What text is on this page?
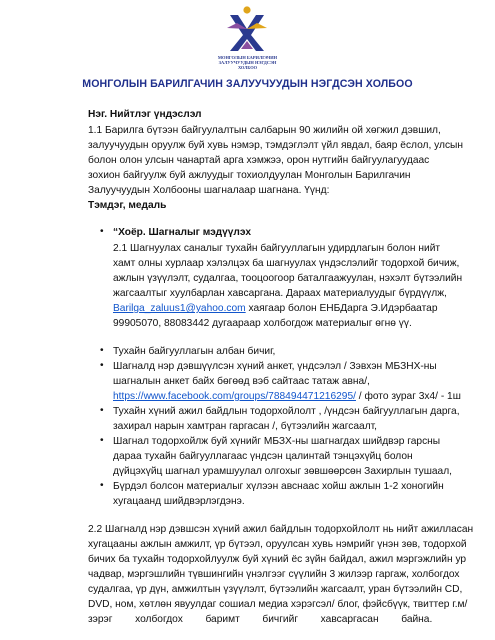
МОНГОЛЫН БАРИЛГАЧИН
ЗАЛУУЧУУДЫН НЭГДСЭН
ХОЛБОО
МОНГОЛЫН БАРИЛГАЧИН ЗАЛУУЧУУДЫН НЭГДСЭН ХОЛБОО
Нэг. Нийтлэг үндэслэл
1.1 Барилга бүтээн байгуулалтын салбарын 90 жилийн ой хөгжил дэвшил,
залуучуудын оруулж буй хувь нэмэр, тэмдэглэлт үйл явдал, баяр ёслол, улсын
болон олон улсын чанартай арга хэмжээ, орон нутгийн байгуулагуудаас
зохион байгуулж буй ажлуудыг тохиолдуулан Монголын Барилгачин
Залуучуудын Холбооны шагналаар шагнана. Үүнд:
Тэмдэг, медаль
• “Хоёр. Шагналыг мэдүүлэх
2.1 Шагнуулах саналыг тухайн байгууллагын удирдлагын болон нийт
хамт олны хурлаар хэлэлцэх ба шагнуулах үндэслэлийг тодорхой бичиж,
ажлын үзүүлэлт, судалгаа, тооцоогоор баталгаажуулан, нэхэлт бүтээлийн
жагсаалтыг хуулбарлан хавсаргана. Дараах материалуудыг бүрдүүлж,
Barilga_zaluus1@yahoo.com хаягаар болон ЕНБДарга Э.Идэрбаатар
99905070, 88083442 дугаараар холбогдож материалыг өгнө үү.
• Тухайн байгууллагын албан бичиг,
• Шагналд нэр дэвшүүлсэн хүний анкет, үндсэлэл / Зэвхэн МБЗНХ-ны
шагналын анкет байх бөгөөд вэб сайтаас татаж авна/,
https://www.facebook.com/groups/788494471216295/ / фото зураг 3x4/ - 1ш
• Тухайн хүний ажил байдлын тодорхойлолт , /үндсэн байгууллагын дарга,
захирал нарын хамтран гаргасан /, бүтээлийн жагсаалт,
• Шагнал тодорхойлж буй хүнийг МБЗХ-ны шагнагдах шийдвэр гарсны
дараа тухайн байгууллагаас үндсэн цалинтай тэнцэхүйц болон
дүйцэхүйц шагнал урамшуулал олгохыг зөвшөөрсөн Захирлын тушаал,
• Бүрдэл болсон материалыг хүлээн авснаас хойш ажлын 1-2 хоногийн
хугацаанд шийдвэрлэгдэнэ.
2.2 Шагналд нэр дэвшсэн хүний ажил байдлын тодорхойлолт нь нийт ажилласан
хугацааны ажлын амжилт, үр бүтээл, оруулсан хувь нэмрийг үнэн зөв, тодорхой
бичих ба тухайн тодорхойлуулж буй хүний ёс зүйн байдал, ажил мэргэжлийн ур
чадвар, мэргэшлийн түвшингийн үнэлгээг сүүлийн 3 жилээр гаргаж, холбогдох
судалгаа, үр дүн, амжилтын үзүүлэлт, бүтээлийн жагсаалт, уран бүтээлийн CD,
DVD, ном, хөтлөн явуулдаг сошиал медиа хэрэгсэл/ блог, фэйсбүүк, твиттер г.м/
зэрэг        холбогдох        баримт        бичгийг        хавсаргасан        байна.
